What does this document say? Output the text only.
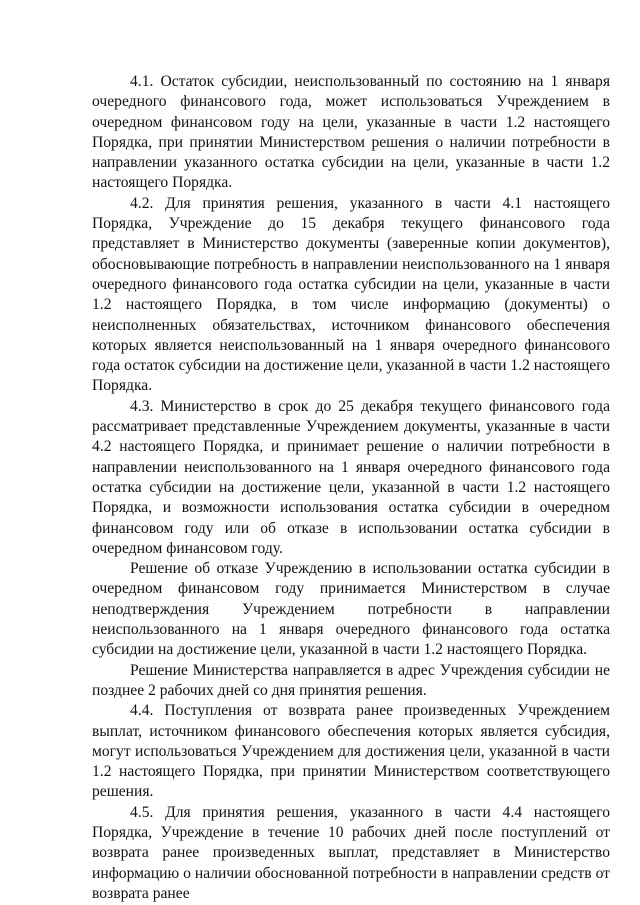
4.1. Остаток субсидии, неиспользованный по состоянию на 1 января очередного финансового года, может использоваться Учреждением в очередном финансовом году на цели, указанные в части 1.2 настоящего Порядка, при принятии Министерством решения о наличии потребности в направлении указанного остатка субсидии на цели, указанные в части 1.2 настоящего Порядка.

4.2. Для принятия решения, указанного в части 4.1 настоящего Порядка, Учреждение до 15 декабря текущего финансового года представляет в Министерство документы (заверенные копии документов), обосновывающие потребность в направлении неиспользованного на 1 января очередного финансового года остатка субсидии на цели, указанные в части 1.2 настоящего Порядка, в том числе информацию (документы) о неисполненных обязательствах, источником финансового обеспечения которых является неиспользованный на 1 января очередного финансового года остаток субсидии на достижение цели, указанной в части 1.2 настоящего Порядка.

4.3. Министерство в срок до 25 декабря текущего финансового года рассматривает представленные Учреждением документы, указанные в части 4.2 настоящего Порядка, и принимает решение о наличии потребности в направлении неиспользованного на 1 января очередного финансового года остатка субсидии на достижение цели, указанной в части 1.2 настоящего Порядка, и возможности использования остатка субсидии в очередном финансовом году или об отказе в использовании остатка субсидии в очередном финансовом году.

Решение об отказе Учреждению в использовании остатка субсидии в очередном финансовом году принимается Министерством в случае неподтверждения Учреждением потребности в направлении неиспользованного на 1 января очередного финансового года остатка субсидии на достижение цели, указанной в части 1.2 настоящего Порядка.

Решение Министерства направляется в адрес Учреждения субсидии не позднее 2 рабочих дней со дня принятия решения.

4.4. Поступления от возврата ранее произведенных Учреждением выплат, источником финансового обеспечения которых является субсидия, могут использоваться Учреждением для достижения цели, указанной в части 1.2 настоящего Порядка, при принятии Министерством соответствующего решения.

4.5. Для принятия решения, указанного в части 4.4 настоящего Порядка, Учреждение в течение 10 рабочих дней после поступлений от возврата ранее произведенных выплат, представляет в Министерство информацию о наличии обоснованной потребности в направлении средств от возврата ранее
